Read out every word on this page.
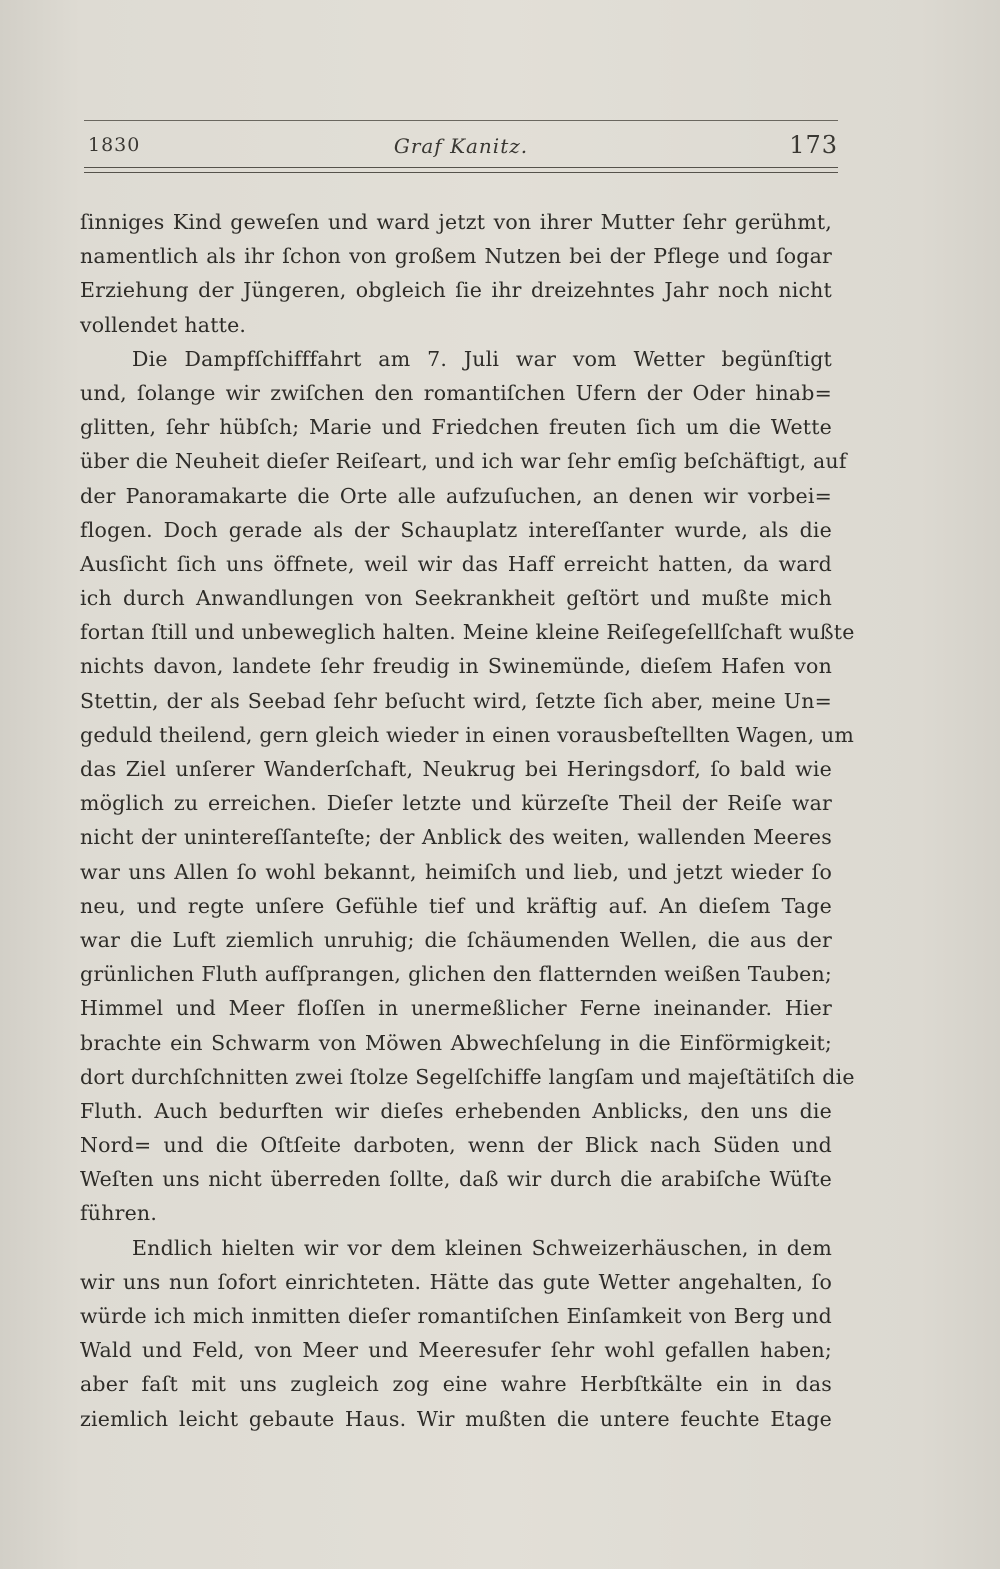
1830	Graf Kanitz.	173
ſinniges Kind geweſen und ward jetzt von ihrer Mutter ſehr gerühmt,
namentlich als ihr ſchon von großem Nutzen bei der Pflege und ſogar
Erziehung der Jüngeren, obgleich ſie ihr dreizehntes Jahr noch nicht
vollendet hatte.
Die Dampfſchifffahrt am 7. Juli war vom Wetter begünſtigt
und, ſolange wir zwiſchen den romantiſchen Ufern der Oder hinab=
glitten, ſehr hübſch; Marie und Friedchen freuten ſich um die Wette
über die Neuheit dieſer Reiſeart, und ich war ſehr emſig beſchäftigt, auf
der Panoramakarte die Orte alle aufzuſuchen, an denen wir vorbei=
flogen. Doch gerade als der Schauplatz intereſſanter wurde, als die
Ausſicht ſich uns öffnete, weil wir das Haff erreicht hatten, da ward
ich durch Anwandlungen von Seekrankheit geſtört und mußte mich
fortan ſtill und unbeweglich halten. Meine kleine Reiſegeſellſchaft wußte
nichts davon, landete ſehr freudig in Swinemünde, dieſem Hafen von
Stettin, der als Seebad ſehr beſucht wird, ſetzte ſich aber, meine Un=
geduld theilend, gern gleich wieder in einen vorausbeſtellten Wagen, um
das Ziel unſerer Wanderſchaft, Neukrug bei Heringsdorf, ſo bald wie
möglich zu erreichen. Dieſer letzte und kürzeſte Theil der Reiſe war
nicht der unintereſſanteſte; der Anblick des weiten, wallenden Meeres
war uns Allen ſo wohl bekannt, heimiſch und lieb, und jetzt wieder ſo
neu, und regte unſere Gefühle tief und kräftig auf. An dieſem Tage
war die Luft ziemlich unruhig; die ſchäumenden Wellen, die aus der
grünlichen Fluth aufſprangen, glichen den flatternden weißen Tauben;
Himmel und Meer floſſen in unermeßlicher Ferne ineinander. Hier
brachte ein Schwarm von Möwen Abwechſelung in die Einförmigkeit;
dort durchſchnitten zwei ſtolze Segelſchiffe langſam und majeſtätiſch die
Fluth. Auch bedurften wir dieſes erhebenden Anblicks, den uns die
Nord= und die Oſtſeite darboten, wenn der Blick nach Süden und
Weſten uns nicht überreden ſollte, daß wir durch die arabiſche Wüſte
führen.
Endlich hielten wir vor dem kleinen Schweizerhäuschen, in dem
wir uns nun ſofort einrichteten. Hätte das gute Wetter angehalten, ſo
würde ich mich inmitten dieſer romantiſchen Einſamkeit von Berg und
Wald und Feld, von Meer und Meeresufer ſehr wohl gefallen haben;
aber faſt mit uns zugleich zog eine wahre Herbſtkälte ein in das
ziemlich leicht gebaute Haus. Wir mußten die untere feuchte Etage
